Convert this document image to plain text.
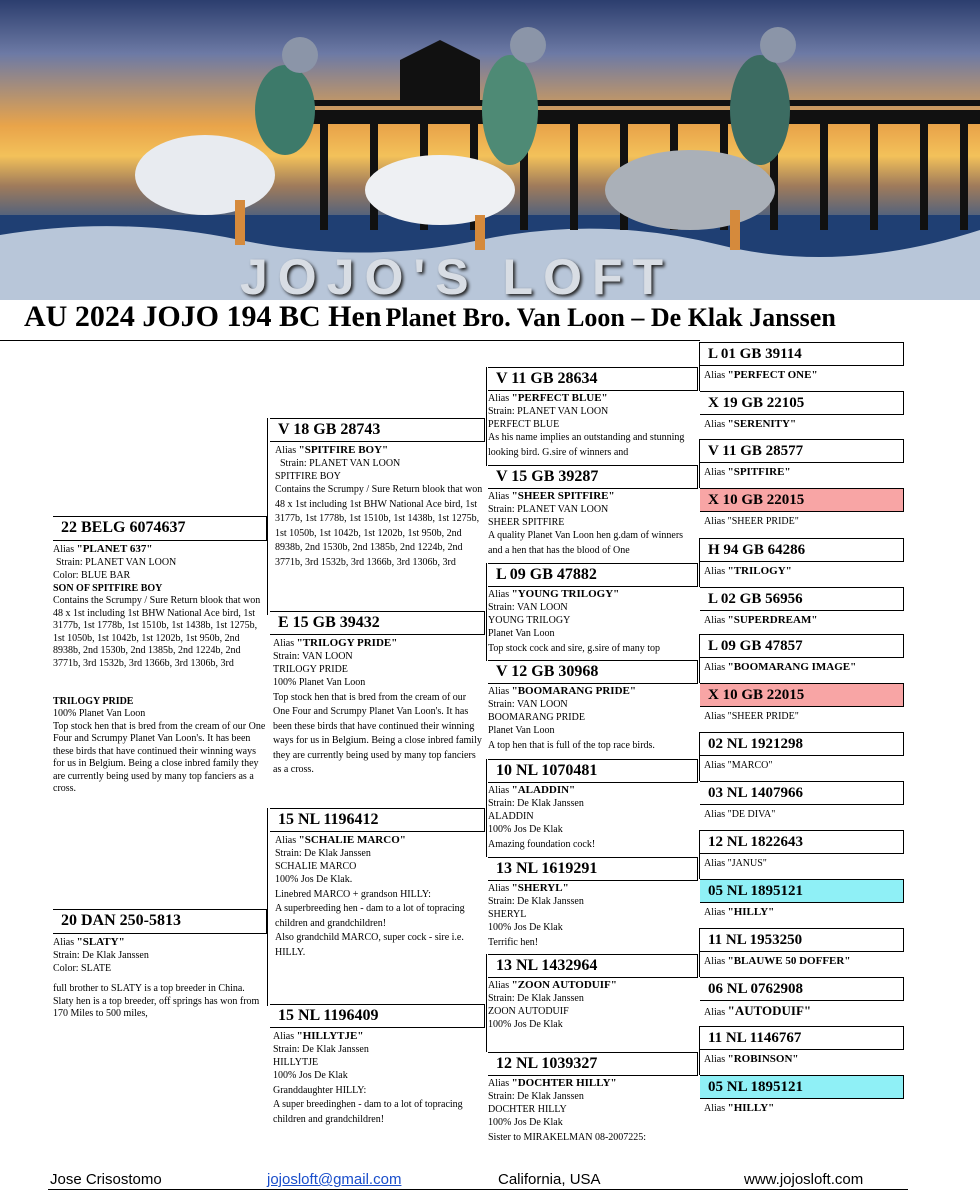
JOJO'S LOFT
AU 2024 JOJO 194 BC Hen Planet Bro. Van Loon – De Klak Janssen
22 BELG 6074637
Alias "PLANET 637"
Strain: PLANET VAN LOON
Color: BLUE BAR
SON OF SPITFIRE BOY
Contains the Scrumpy / Sure Return blook that won 48 x 1st including 1st BHW National Ace bird, 1st 3177b, 1st 1778b, 1st 1510b, 1st 1438b, 1st 1275b, 1st 1050b, 1st 1042b, 1st 1202b, 1st 950b, 2nd 8938b, 2nd 1530b, 2nd 1385b, 2nd 1224b, 2nd 3771b, 3rd 1532b, 3rd 1366b, 3rd 1306b, 3rd
TRILOGY PRIDE
100% Planet Van Loon
Top stock hen that is bred from the cream of our One Four and Scrumpy Planet Van Loon's. It has been these birds that have continued their winning ways for us in Belgium. Being a close inbred family they are currently being used by many top fanciers as a cross.
20 DAN 250-5813
Alias "SLATY"
Strain: De Klak Janssen
Color: SLATE
full brother to SLATY is a top breeder in China.
Slaty hen is a top breeder, off springs has won from 170 Miles to 500 miles,
V 18 GB 28743
Alias "SPITFIRE BOY"
Strain: PLANET VAN LOON
SPITFIRE BOY
Contains the Scrumpy / Sure Return blook that won 48 x 1st including 1st BHW National Ace bird, 1st 3177b, 1st 1778b, 1st 1510b, 1st 1438b, 1st 1275b, 1st 1050b, 1st 1042b, 1st 1202b, 1st 950b, 2nd 8938b, 2nd 1530b, 2nd 1385b, 2nd 1224b, 2nd 3771b, 3rd 1532b, 3rd 1366b, 3rd 1306b, 3rd
E 15 GB 39432
Alias "TRILOGY PRIDE"
Strain: VAN LOON
TRILOGY PRIDE
100% Planet Van Loon
Top stock hen that is bred from the cream of our One Four and Scrumpy Planet Van Loon's. It has been these birds that have continued their winning ways for us in Belgium. Being a close inbred family they are currently being used by many top fanciers as a cross.
15 NL 1196412
Alias "SCHALIE MARCO"
Strain: De Klak Janssen
SCHALIE MARCO
100% Jos De Klak.
Linebred MARCO + grandson HILLY:
A superbreeding hen - dam to a lot of topracing children and grandchildren!
Also grandchild MARCO, super cock - sire i.e. HILLY.
15 NL 1196409
Alias "HILLYTJE"
Strain: De Klak Janssen
HILLYTJE
100% Jos De Klak
Granddaughter HILLY:
A super breedinghen - dam to a lot of topracing children and grandchildren!
V 11 GB 28634
Alias "PERFECT BLUE"
Strain: PLANET VAN LOON
PERFECT BLUE
As his name implies an outstanding and stunning looking bird. G.sire of winners and
V 15 GB 39287
Alias "SHEER SPITFIRE"
Strain: PLANET VAN LOON
SHEER SPITFIRE
A quality Planet Van Loon hen g.dam of winners and a hen that has the blood of One
L 09 GB 47882
Alias "YOUNG TRILOGY"
Strain: VAN LOON
YOUNG TRILOGY
Planet Van Loon
Top stock cock and sire, g.sire of many top
V 12 GB 30968
Alias "BOOMARANG PRIDE"
Strain: VAN LOON
BOOMARANG PRIDE
Planet Van Loon
A top hen that is full of the top race birds.
10 NL 1070481
Alias "ALADDIN"
Strain: De Klak Janssen
ALADDIN
100% Jos De Klak
Amazing foundation cock!
13 NL 1619291
Alias "SHERYL"
Strain: De Klak Janssen
SHERYL
100% Jos De Klak
Terrific hen!
13 NL 1432964
Alias "ZOON AUTODUIF"
Strain: De Klak Janssen
ZOON AUTODUIF
100% Jos De Klak
12 NL 1039327
Alias "DOCHTER HILLY"
Strain: De Klak Janssen
DOCHTER HILLY
100% Jos De Klak
Sister to MIRAKELMAN 08-2007225:
L 01 GB 39114
Alias "PERFECT ONE"
X 19 GB 22105
Alias "SERENITY"
V 11 GB 28577
Alias "SPITFIRE"
X 10 GB 22015
Alias "SHEER PRIDE"
H 94 GB 64286
Alias "TRILOGY"
L 02 GB 56956
Alias "SUPERDREAM"
L 09 GB 47857
Alias "BOOMARANG IMAGE"
X 10 GB 22015
Alias "SHEER PRIDE"
02 NL 1921298
Alias "MARCO"
03 NL 1407966
Alias "DE DIVA"
12 NL 1822643
Alias "JANUS"
05 NL 1895121
Alias "HILLY"
11 NL 1953250
Alias "BLAUWE 50 DOFFER"
06 NL 0762908
Alias "AUTODUIF"
11 NL 1146767
Alias "ROBINSON"
05 NL 1895121
Alias "HILLY"
Jose Crisostomo	jojosloft@gmail.com	California, USA	www.jojosloft.com
